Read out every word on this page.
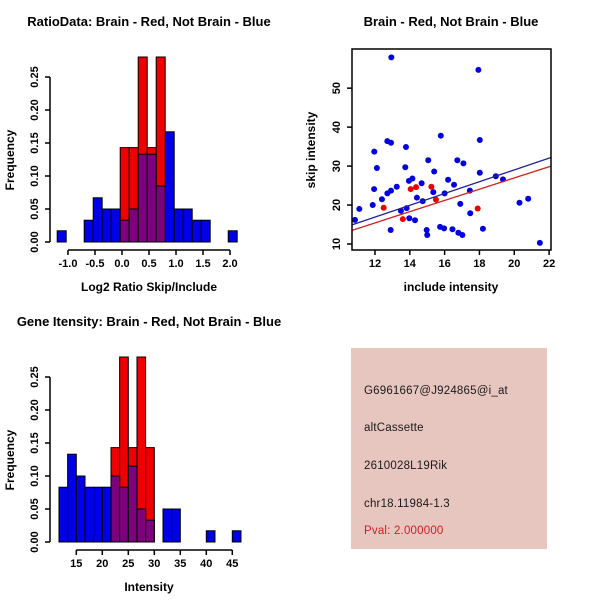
-1.0 -0.5 0.0 0.5 1.0 1.5 2.0
0.00
0.05
0.10
0.15
0.20
0.25
RatioData: Brain - Red, Not Brain - Blue
Log2 Ratio Skip/Include
Frequency
12 14 16 18 20 22
10
20
30
40
50
Brain - Red, Not Brain - Blue
include intensity
skip intensity
15 20 25 30 35 40 45
0.00
0.05
0.10
0.15
0.20
0.25
Gene Itensity: Brain - Red, Not Brain - Blue
Intensity
Frequency
G6961667@J924865@i_at
altCassette
2610028L19Rik
chr18.11984-1.3
Pval: 2.000000
